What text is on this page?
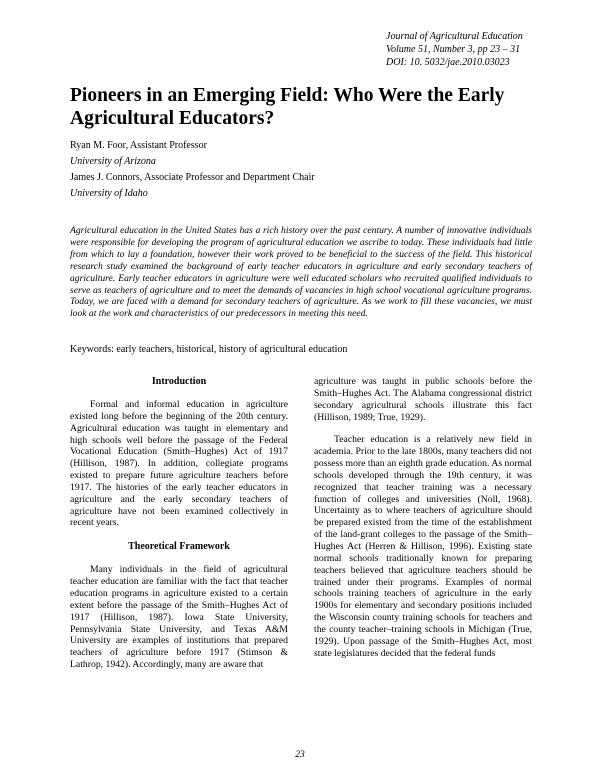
Journal of Agricultural Education
Volume 51, Number 3, pp 23 – 31
DOI: 10. 5032/jae.2010.03023
Pioneers in an Emerging Field: Who Were the Early Agricultural Educators?
Ryan M. Foor, Assistant Professor
University of Arizona
James J. Connors, Associate Professor and Department Chair
University of Idaho

Agricultural education in the United States has a rich history over the past century. A number of innovative individuals were responsible for developing the program of agricultural education we ascribe to today. These individuals had little from which to lay a foundation, however their work proved to be beneficial to the success of the field. This historical research study examined the background of early teacher educators in agriculture and early secondary teachers of agriculture. Early teacher educators in agriculture were well educated scholars who recruited qualified individuals to serve as teachers of agriculture and to meet the demands of vacancies in high school vocational agriculture programs. Today, we are faced with a demand for secondary teachers of agriculture. As we work to fill these vacancies, we must look at the work and characteristics of our predecessors in meeting this need.

Keywords: early teachers, historical, history of agricultural education
Introduction

Formal and informal education in agriculture existed long before the beginning of the 20th century. Agricultural education was taught in elementary and high schools well before the passage of the Federal Vocational Education (Smith–Hughes) Act of 1917 (Hillison, 1987). In addition, collegiate programs existed to prepare future agriculture teachers before 1917. The histories of the early teacher educators in agriculture and the early secondary teachers of agriculture have not been examined collectively in recent years.

Theoretical Framework

Many individuals in the field of agricultural teacher education are familiar with the fact that teacher education programs in agriculture existed to a certain extent before the passage of the Smith–Hughes Act of 1917 (Hillison, 1987). Iowa State University, Pennsylvania State University, and Texas A&M University are examples of institutions that prepared teachers of agriculture before 1917 (Stimson & Lathrop, 1942). Accordingly, many are aware that

agriculture was taught in public schools before the Smith–Hughes Act. The Alabama congressional district secondary agricultural schools illustrate this fact (Hillison, 1989; True, 1929).

Teacher education is a relatively new field in academia. Prior to the late 1800s, many teachers did not possess more than an eighth grade education. As normal schools developed through the 19th century, it was recognized that teacher training was a necessary function of colleges and universities (Noll, 1968). Uncertainty as to where teachers of agriculture should be prepared existed from the time of the establishment of the land-grant colleges to the passage of the Smith–Hughes Act (Herren & Hillison, 1996). Existing state normal schools traditionally known for preparing teachers believed that agriculture teachers should be trained under their programs. Examples of normal schools training teachers of agriculture in the early 1900s for elementary and secondary positions included the Wisconsin county training schools for teachers and the county teacher–training schools in Michigan (True, 1929). Upon passage of the Smith–Hughes Act, most state legislatures decided that the federal funds

23
